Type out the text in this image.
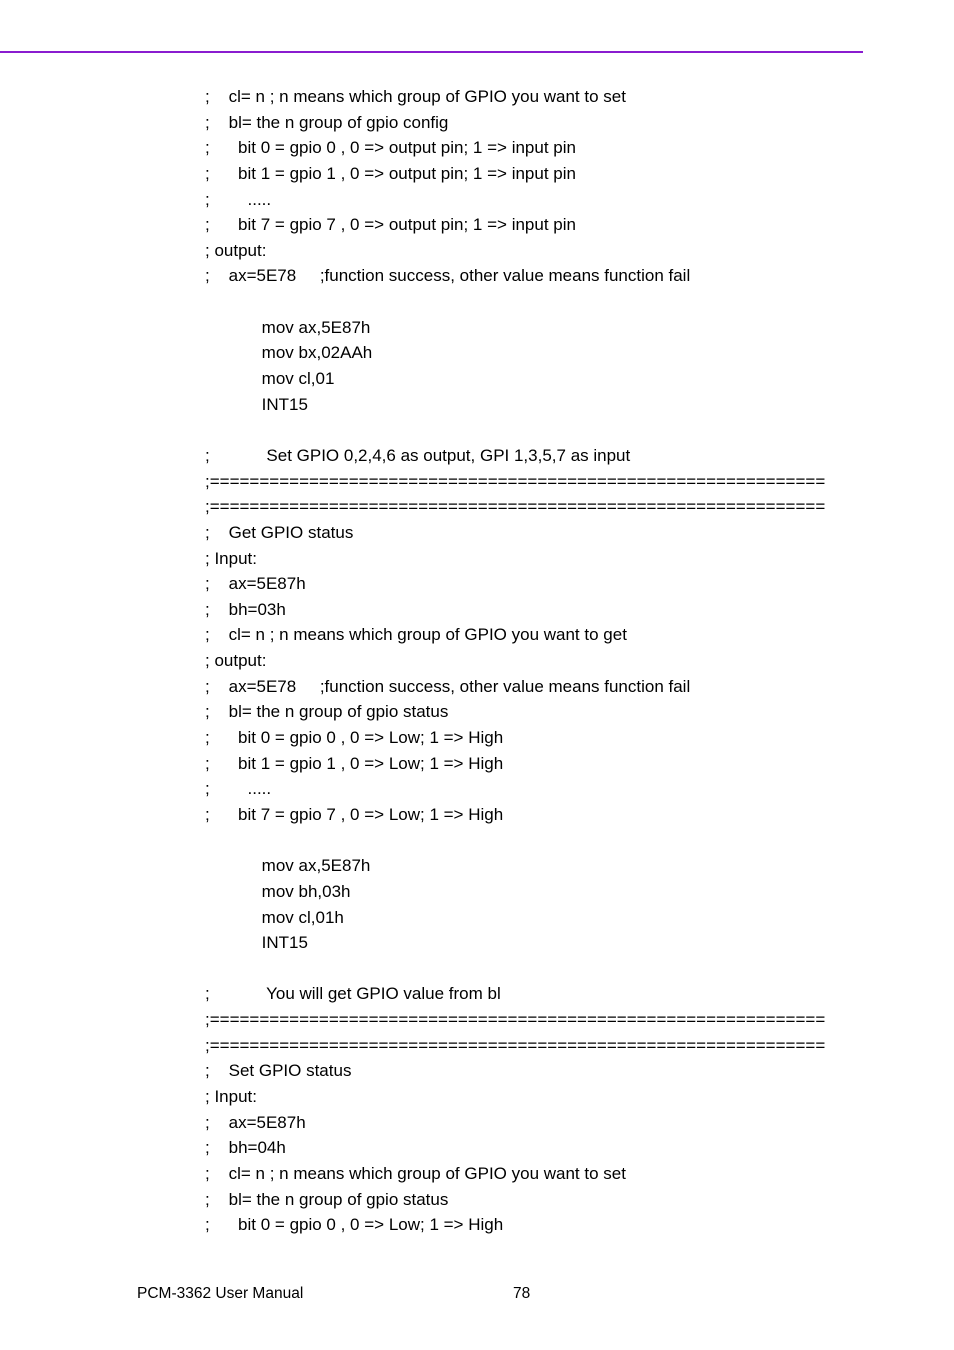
;    cl= n ; n means which group of GPIO you want to set
;    bl= the n group of gpio config
;      bit 0 = gpio 0 , 0 => output pin; 1 => input pin
;      bit 1 = gpio 1 , 0 => output pin; 1 => input pin
;        .....
;      bit 7 = gpio 7 , 0 => output pin; 1 => input pin
; output:
;    ax=5E78     ;function success, other value means function fail
mov ax,5E87h
mov bx,02AAh
mov cl,01
INT15
;            Set GPIO 0,2,4,6 as output, GPI 1,3,5,7 as input
;==============================================================
;==============================================================
;    Get GPIO status
; Input:
;    ax=5E87h
;    bh=03h
;    cl= n ; n means which group of GPIO you want to get
; output:
;    ax=5E78     ;function success, other value means function fail
;    bl= the n group of gpio status
;      bit 0 = gpio 0 , 0 => Low; 1 => High
;      bit 1 = gpio 1 , 0 => Low; 1 => High
;        .....
;      bit 7 = gpio 7 , 0 => Low; 1 => High
mov ax,5E87h
mov bh,03h
mov cl,01h
INT15
;            You will get GPIO value from bl
;==============================================================
;==============================================================
;    Set GPIO status
; Input:
;    ax=5E87h
;    bh=04h
;    cl= n ; n means which group of GPIO you want to set
;    bl= the n group of gpio status
;      bit 0 = gpio 0 , 0 => Low; 1 => High
PCM-3362 User Manual	78
